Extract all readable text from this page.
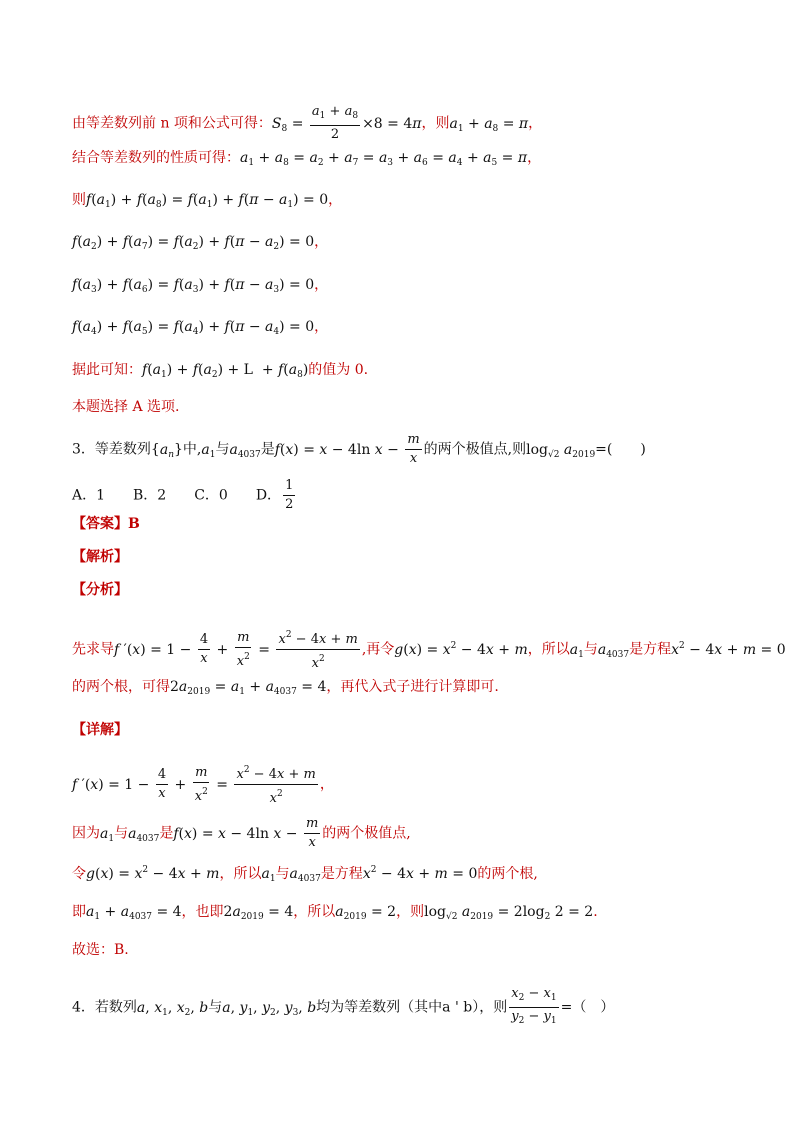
由等差数列前 n 项和公式可得：$S_8 = \frac{a_1 + a_8}{2} \times 8 = 4\pi$，则$a_1 + a_8 = \pi$，
结合等差数列的性质可得：$a_1 + a_8 = a_2 + a_7 = a_3 + a_6 = a_4 + a_5 = \pi$，
则$f(a_1) + f(a_8) = f(a_1) + f(\pi - a_1) = 0$，
$f(a_2) + f(a_7) = f(a_2) + f(\pi - a_2) = 0$，
$f(a_3) + f(a_6) = f(a_3) + f(\pi - a_3) = 0$，
$f(a_4) + f(a_5) = f(a_4) + f(\pi - a_4) = 0$，
据此可知：$f(a_1) + f(a_2) + L + f(a_8)$的值为 0.
本题选择 A 选项.
3．等差数列$\{a_n\}$中$,a_1$与$a_{4037}$是f(x) = x − 4ln $x - \frac{m}{x}$ 的两个极值点,则$\log_{√2} a_{2019}=$(　　)
A．1　　B．2　　C．0　　D． $\frac{1}{2}$
【答案】B
【解析】
【分析】
先求导f $'(x) = 1 - \frac{4}{x} + \frac{m}{x^2} = \frac{x^2 - 4x + m}{x^2}$ ,再令$g(x) = x^2 - 4x + m$，所以$a_1$与$a_{4037}$是方程$x^2 - 4x + m = 0$
的两个根，可得$2a_{2019} = a_1 + a_{4037} = 4$，再代入式子进行计算即可.
【详解】
f $'(x) = 1 - \frac{4}{x} + \frac{m}{x^2} = \frac{x^2 - 4x + m}{x^2}$ ，
因为$a_1$与$a_{4037}$是f(x) = x − 4ln $x - \frac{m}{x}$ 的两个极值点,
令$g(x) = x^2 - 4x + m$，所以$a_1$与$a_{4037}$是方程$x^2 - 4x + m = 0$的两个根,
即$a_1 + a_{4037} = 4$，也即$2a_{2019} = 4$，所以$a_{2019} = 2$，则$\log_{√2} a_{2019} = 2\log_2$ 2 = 2.
故选：B.
4．若数列a, $x_1$, $x_2$, b与a, $y_1$, $y_2$, $y_3$, b均为等差数列（其中a ' b），则 $\frac{x_2 - x_1}{y_2 - y_1}$ =（　）
